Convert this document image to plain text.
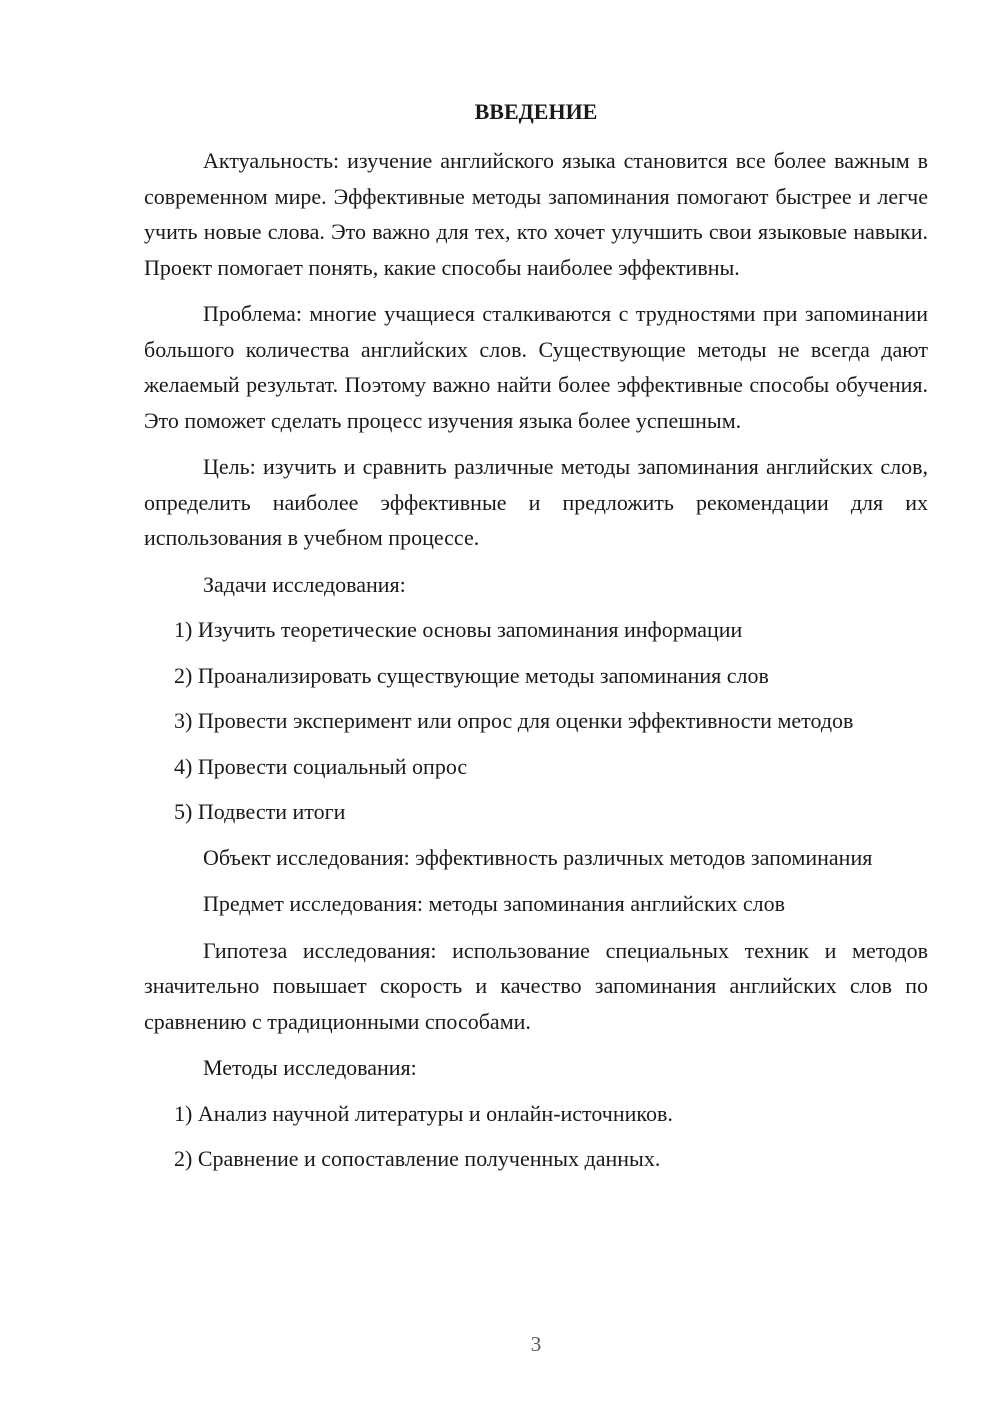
ВВЕДЕНИЕ

Актуальность: изучение английского языка становится все более важным в современном мире. Эффективные методы запоминания помогают быстрее и легче учить новые слова. Это важно для тех, кто хочет улучшить свои языковые навыки. Проект помогает понять, какие способы наиболее эффективны.

Проблема: многие учащиеся сталкиваются с трудностями при запоминании большого количества английских слов. Существующие методы не всегда дают желаемый результат. Поэтому важно найти более эффективные способы обучения. Это поможет сделать процесс изучения языка более успешным.

Цель: изучить и сравнить различные методы запоминания английских слов, определить наиболее эффективные и предложить рекомендации для их использования в учебном процессе.

Задачи исследования:

1) Изучить теоретические основы запоминания информации

2) Проанализировать существующие методы запоминания слов

3) Провести эксперимент или опрос для оценки эффективности методов

4) Провести социальный опрос

5) Подвести итоги

Объект исследования: эффективность различных методов запоминания

Предмет исследования: методы запоминания английских слов

Гипотеза исследования: использование специальных техник и методов значительно повышает скорость и качество запоминания английских слов по сравнению с традиционными способами.

Методы исследования:

1) Анализ научной литературы и онлайн-источников.

2) Сравнение и сопоставление полученных данных.

3
